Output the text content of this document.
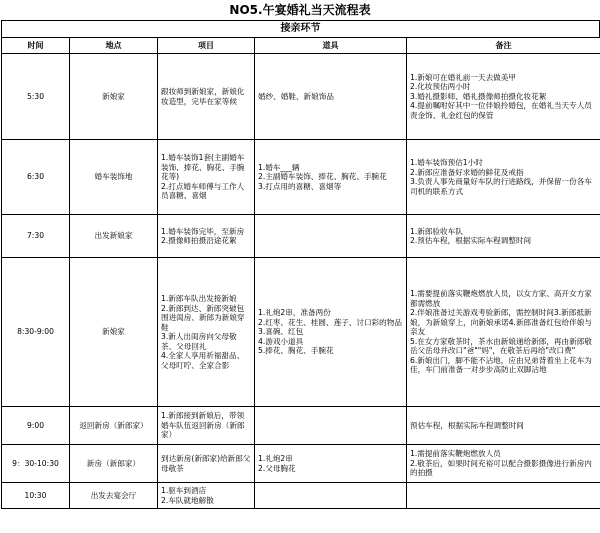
NO5.午宴婚礼当天流程表
接亲环节
时间	地点	项目	道具	备注
5:30	新娘家	跟妆师到新娘家，新娘化妆造型，完毕在家等候	婚纱、婚鞋、新娘饰品	1.新娘可在婚礼前一天去做美甲
2.化妆预估两小时
3.婚礼摄影师、婚礼摄像师拍摄化妆花絮
4.提前嘱咐好其中一位伴娘拎婚包，在婚礼当天专人员责金饰、礼金红包的保管

6:30	婚车装饰地	1.婚车装饰1套(主副婚车装饰、捧花、胸花、手腕花等)
2.打点婚车师傅与工作人员喜糖、喜烟	1.婚车___辆
2.主副婚车装饰、捧花、胸花、手腕花
3.打点用的喜糖、喜烟等	1.婚车装饰预估1小时
2.新郎应准备好求婚的鲜花及戒指
3.负责人事先商量好车队的行进路线，并保留一份各车司机的联系方式

7:30	出发新娘家	1.婚车装饰完毕，至新房
2.摄像师拍摄沿途花絮		1.新郎验收车队
2.预估车程，根据实际车程调整时间

8:30-9:00	新娘家	1.新郎车队出发接新娘
2.新郎到达、新郎突破包围进闺房、新郎为新娘穿鞋
3.新人出闺房向父母敬茶、父母回礼
4.全家人享用祈福甜品、父母叮咛、全家合影	1.礼炮2串，准备两份
2.红枣、花生、桂圆、莲子、讨口彩的物品
3.喜碗、红包
4.游戏小道具
5.捧花、胸花、手腕花	1.需要提前落实鞭炮燃放人员，以女方家、高开女方家都需燃放
2.伴娘准备过关游戏考验新郎，需控制时间3.新郎抵新娘，为新娘穿上，向新娘承诺4.新郎准备红包给伴娘与亲友
5.在女方家敬茶时，茶水由新娘递给新郎，再由新郎敬岳父岳母并改口"爸""妈"，在敬茶后再给"改口费"
6.新娘出门，脚不能不沾地，应由兄弟背着坐上花车为佳，车门前准备一对步步高防止双脚沾地

9:00	返回新房（新郎家）	1.新郎接到新娘后，带领婚车队伍返回新房（新郎家）		预估车程，根据实际车程调整时间

9：30-10:30	新房（新郎家）	到达新房(新郎家)给新郎父母敬茶	1.礼炮2串
2.父母胸花	1.需提前落实鞭炮燃放人员
2.敬茶后，如果时间充裕可以配合摄影摄像进行新房内的拍摄

10:30	出发去宴会厅	1.驱车到酒店
2.车队就地解散		
